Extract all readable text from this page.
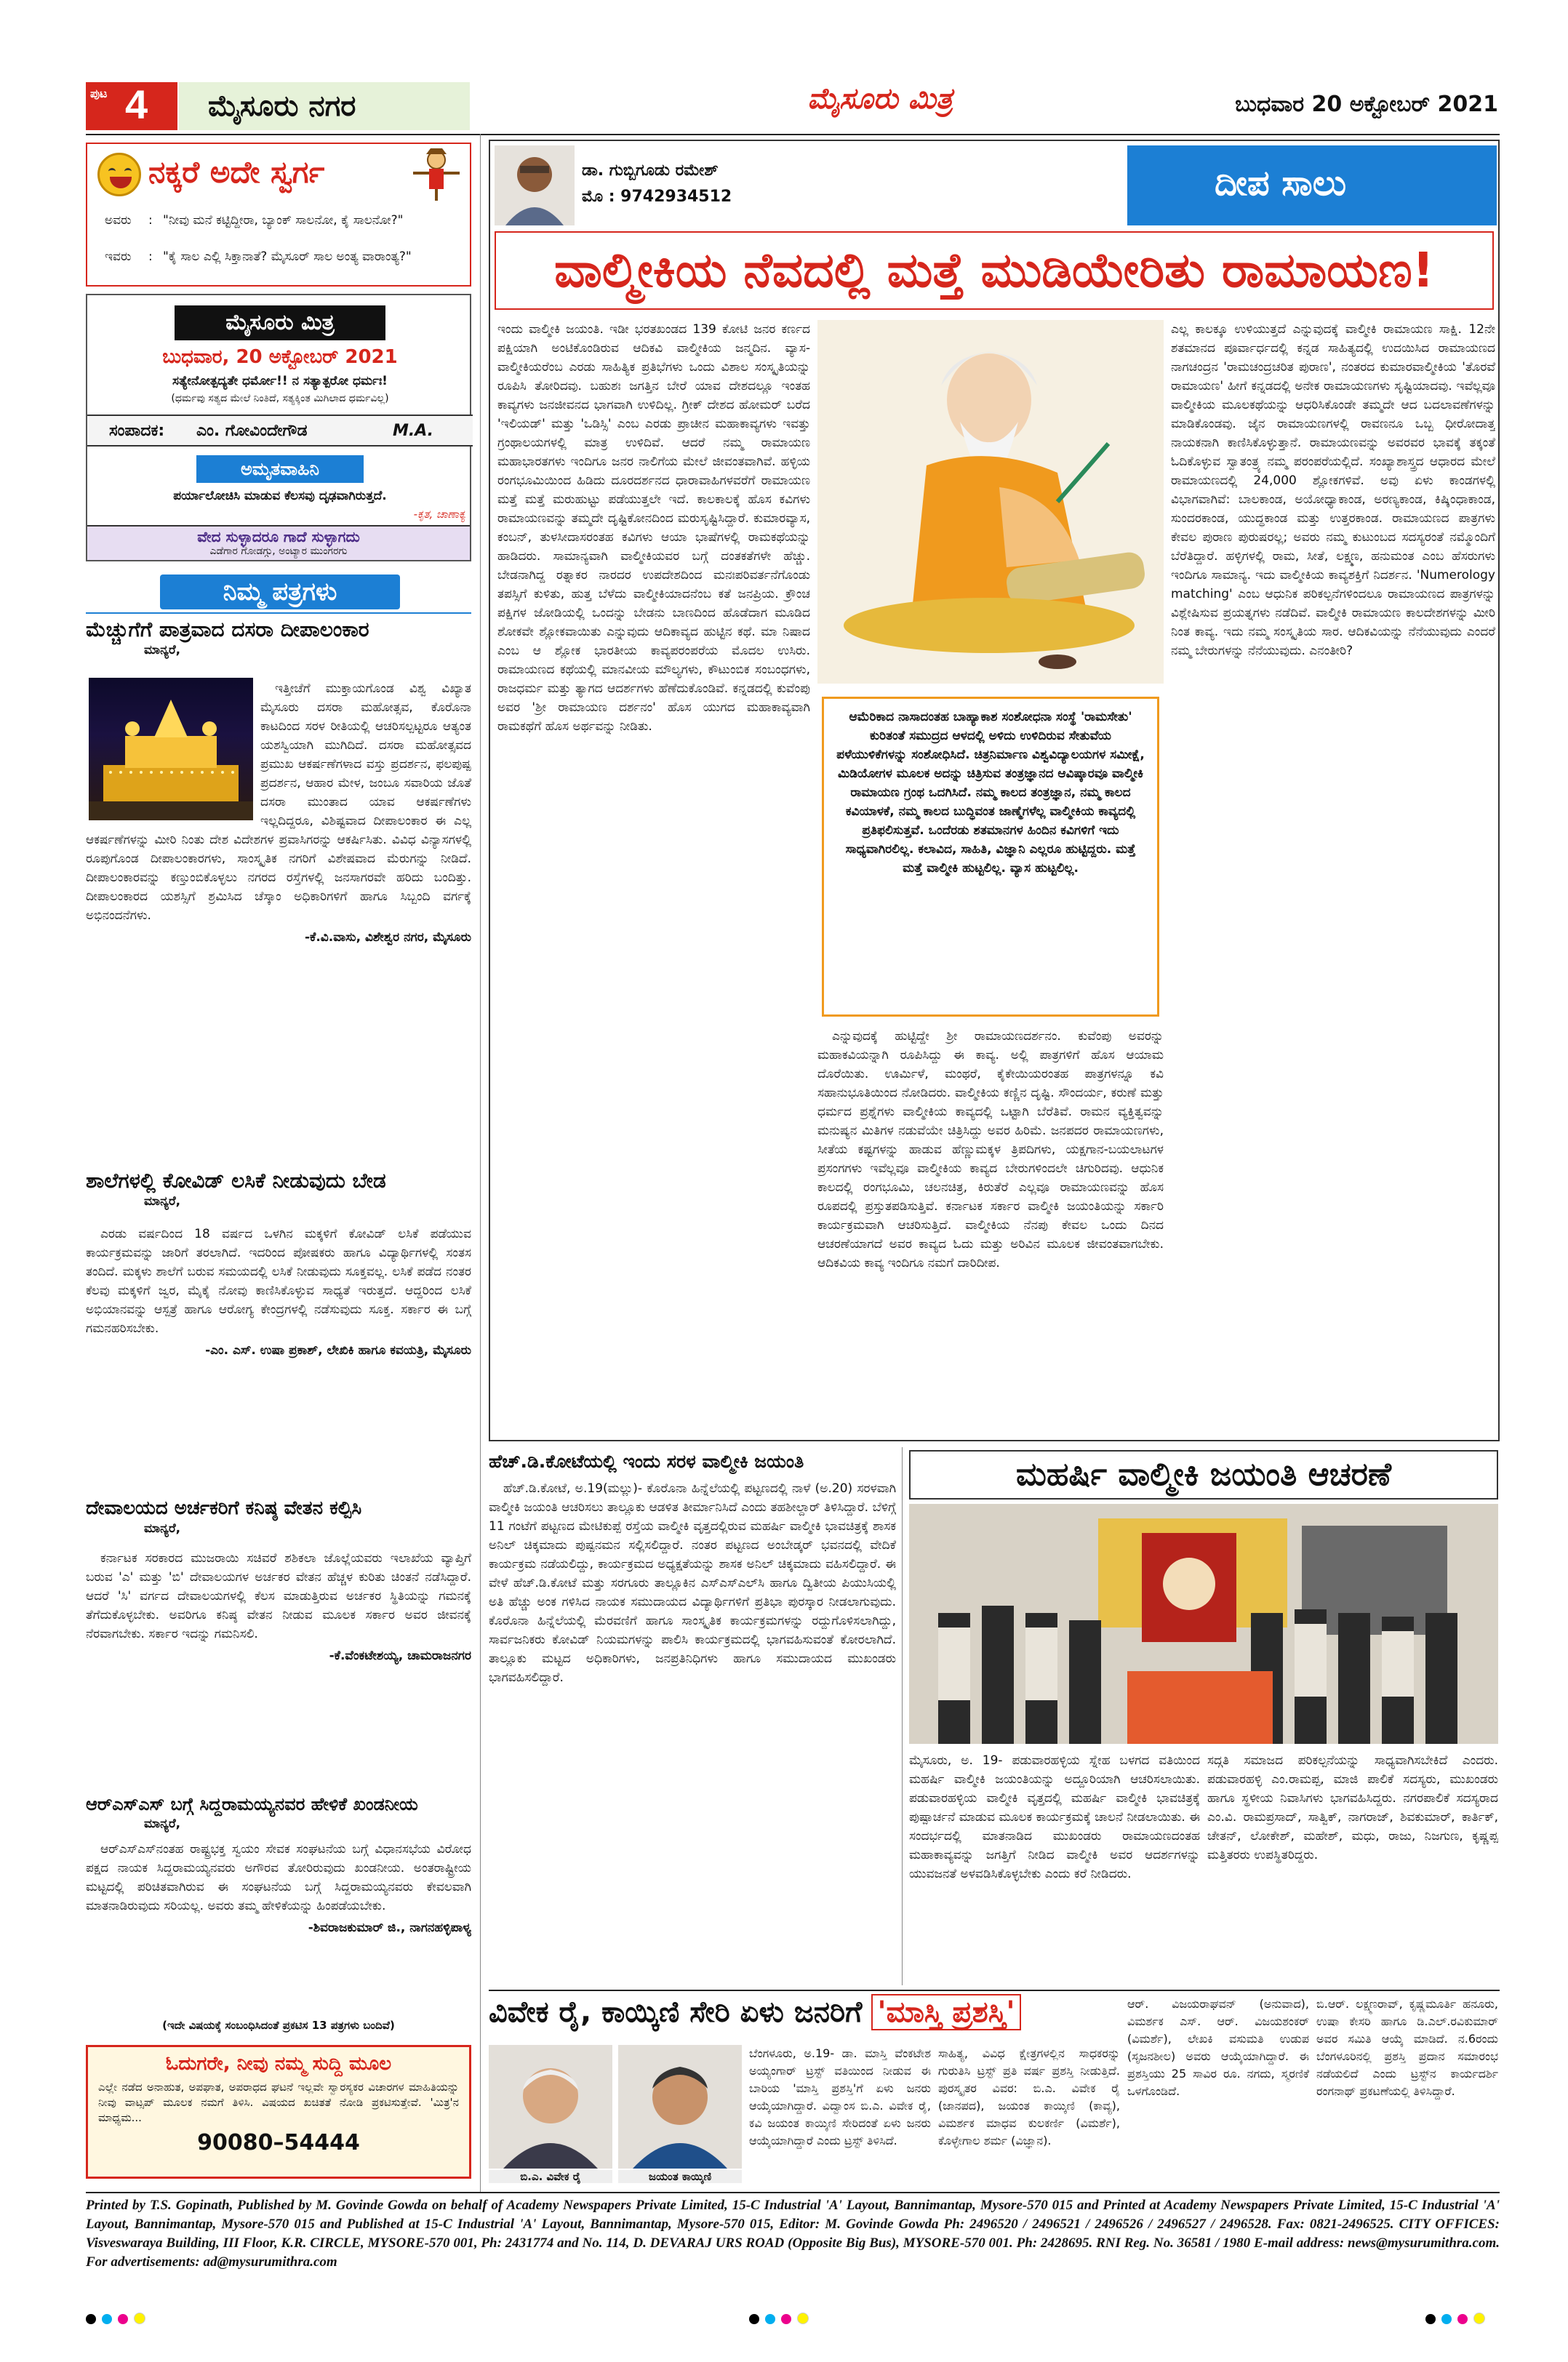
ಪುಟ 4 ಮೈಸೂರು ನಗರ	ಮೈಸೂರು ಮಿತ್ರ	ಬುಧವಾರ 20 ಅಕ್ಟೋಬರ್ 2021
ನಕ್ಕರೆ ಅದೇ ಸ್ವರ್ಗ
ಅವರು : "ನೀವು ಮನೆ ಕಟ್ಟಿದ್ದೀರಾ, ಬ್ಯಾಂಕ್ ಸಾಲನೋ, ಕೈ ಸಾಲನೋ?"
ಇವರು : "ಕೈ ಸಾಲ ಎಲ್ಲಿ ಸಿಕ್ತಾನಾತೆ? ಮೈಸೂರ್‌ ಸಾಲ ಅಂತ್ಯ ವಾರಾಂತ್ಯ?"
ಮೈಸೂರು ಮಿತ್ರ
ಬುಧವಾರ, 20 ಅಕ್ಟೋಬರ್ 2021
ಸತ್ಯೇನೋತ್ಪದ್ಯತೇ ಧರ್ಮೋ!! ನ ಸತ್ಯಾತ್ಪರೋ ಧರ್ಮಃ!
(ಧರ್ಮವು ಸತ್ಯದ ಮೇಲೆ ನಿಂತಿದೆ, ಸತ್ಯಕ್ಕಿಂತ ಮಿಗಿಲಾದ ಧರ್ಮವಿಲ್ಲ)
ಸಂಪಾದಕ: ಎಂ. ಗೋವಿಂದೇಗೌಡ	M.A.
ಅಮೃತವಾಹಿನಿ
ಪರ್ಯಾಲೋಚಿಸಿ ಮಾಡುವ ಕೆಲಸವು ದೃಢವಾಗಿರುತ್ತದೆ.
-ಕೃತ, ಚಾಣಾಕ್ಯ
ವೇದ ಸುಳ್ಳಾದರೂ ಗಾದೆ ಸುಳ್ಳಾಗದು
ಎಡೆಗಾರ ಗೋಡಗ್ಗು, ಅಂಟ್ಯಾರ ಮುಂಗರಗು
ನಿಮ್ಮ ಪತ್ರಗಳು
ಮೆಚ್ಚುಗೆಗೆ ಪಾತ್ರವಾದ ದಸರಾ ದೀಪಾಲಂಕಾರ
ಮಾನ್ಯರೆ,

ಇತ್ತೀಚೆಗೆ ಮುಕ್ತಾಯಗೊಂಡ ವಿಶ್ವ ವಿಖ್ಯಾತ ಮೈಸೂರು ದಸರಾ ಮಹೋತ್ಸವ, ಕೊರೊನಾ ಕಾಟದಿಂದ ಸರಳ ರೀತಿಯಲ್ಲಿ ಆಚರಿಸಲ್ಪಟ್ಟರೂ ಆತ್ಯಂತ ಯಶಸ್ವಿಯಾಗಿ ಮುಗಿದಿದೆ. ದಸರಾ ಮಹೋತ್ಸವದ ಪ್ರಮುಖ ಆಕರ್ಷಣೆಗಳಾದ ವಸ್ತು ಪ್ರದರ್ಶನ, ಫಲಪುಷ್ಪ ಪ್ರದರ್ಶನ, ಆಹಾರ ಮೇಳ, ಜಂಬೂ ಸವಾರಿಯ ಜೊತೆ ದಸರಾ ಮುಂತಾದ ಯಾವ ಆಕರ್ಷಣೆಗಳು ಇಲ್ಲದಿದ್ದರೂ, ವಿಶಿಷ್ಟವಾದ ದೀಪಾಲಂಕಾರ ಈ ಎಲ್ಲ ಆಕರ್ಷಣೆಗಳನ್ನು ಮೀರಿ ನಿಂತು ದೇಶ ವಿದೇಶಗಳ ಪ್ರವಾಸಿಗರನ್ನು ಆಕರ್ಷಿಸಿತು. ವಿವಿಧ ವಿನ್ಯಾಸಗಳಲ್ಲಿ ರೂಪುಗೊಂಡ ದೀಪಾಲಂಕಾರಗಳು, ಸಾಂಸ್ಕೃತಿಕ ನಗರಿಗೆ ವಿಶೇಷವಾದ ಮೆರುಗನ್ನು ನೀಡಿದೆ. ದೀಪಾಲಂಕಾರವನ್ನು ಕಣ್ತುಂಬಿಕೊಳ್ಳಲು ನಗರದ ರಸ್ತೆಗಳಲ್ಲಿ ಜನಸಾಗರವೇ ಹರಿದು ಬಂದಿತ್ತು. ದೀಪಾಲಂಕಾರದ ಯಶಸ್ಸಿಗೆ ಶ್ರಮಿಸಿದ ಚೆಸ್ಕಾಂ ಅಧಿಕಾರಿಗಳಿಗೆ ಹಾಗೂ ಸಿಬ್ಬಂದಿ ವರ್ಗಕ್ಕೆ ಅಭಿನಂದನೆಗಳು.

-ಕೆ.ವಿ.ವಾಸು, ವಿಶೇಶ್ವರ ನಗರ, ಮೈಸೂರು

ಶಾಲೆಗಳಲ್ಲಿ ಕೋವಿಡ್ ಲಸಿಕೆ ನೀಡುವುದು ಬೇಡ
ಮಾನ್ಯರೆ,

ಎರಡು ವರ್ಷದಿಂದ 18 ವರ್ಷದ ಒಳಗಿನ ಮಕ್ಕಳಿಗೆ ಕೋವಿಡ್ ಲಸಿಕೆ ಪಡೆಯುವ ಕಾರ್ಯಕ್ರಮವನ್ನು ಜಾರಿಗೆ ತರಲಾಗಿದೆ. ಇದರಿಂದ ಪೋಷಕರು ಹಾಗೂ ವಿದ್ಯಾರ್ಥಿಗಳಲ್ಲಿ ಸಂತಸ ತಂದಿದೆ. ಮಕ್ಕಳು ಶಾಲೆಗೆ ಬರುವ ಸಮಯದಲ್ಲಿ ಲಸಿಕೆ ನೀಡುವುದು ಸೂಕ್ತವಲ್ಲ. ಲಸಿಕೆ ಪಡೆದ ನಂತರ ಕೆಲವು ಮಕ್ಕಳಿಗೆ ಜ್ವರ, ಮೈಕೈ ನೋವು ಕಾಣಿಸಿಕೊಳ್ಳುವ ಸಾಧ್ಯತೆ ಇರುತ್ತದೆ. ಆದ್ದರಿಂದ ಲಸಿಕೆ ಅಭಿಯಾನವನ್ನು ಆಸ್ಪತ್ರೆ ಹಾಗೂ ಆರೋಗ್ಯ ಕೇಂದ್ರಗಳಲ್ಲಿ ನಡೆಸುವುದು ಸೂಕ್ತ. ಸರ್ಕಾರ ಈ ಬಗ್ಗೆ ಗಮನಹರಿಸಬೇಕು.

-ಎಂ. ಎಸ್. ಉಷಾ ಪ್ರಕಾಶ್, ಲೇಖಿಕಿ ಹಾಗೂ ಕವಯತ್ರಿ, ಮೈಸೂರು

ದೇವಾಲಯದ ಅರ್ಚಕರಿಗೆ ಕನಿಷ್ಠ ವೇತನ ಕಲ್ಪಿಸಿ
ಮಾನ್ಯರೆ,

ಕರ್ನಾಟಕ ಸರಕಾರದ ಮುಜರಾಯಿ ಸಚಿವರೆ ಶಶಿಕಲಾ ಜೊಲ್ಲೆಯವರು ಇಲಾಖೆಯ ವ್ಯಾಪ್ತಿಗೆ ಬರುವ 'ಎ' ಮತ್ತು 'ಬಿ' ದೇವಾಲಯಗಳ ಅರ್ಚಕರ ವೇತನ ಹೆಚ್ಚಳ ಕುರಿತು ಚಿಂತನೆ ನಡೆಸಿದ್ದಾರೆ. ಆದರೆ 'ಸಿ' ವರ್ಗದ ದೇವಾಲಯಗಳಲ್ಲಿ ಕೆಲಸ ಮಾಡುತ್ತಿರುವ ಅರ್ಚಕರ ಸ್ಥಿತಿಯನ್ನು ಗಮನಕ್ಕೆ ತೆಗೆದುಕೊಳ್ಳಬೇಕು. ಅವರಿಗೂ ಕನಿಷ್ಠ ವೇತನ ನೀಡುವ ಮೂಲಕ ಸರ್ಕಾರ ಅವರ ಜೀವನಕ್ಕೆ ನೆರವಾಗಬೇಕು. ಸರ್ಕಾರ ಇದನ್ನು ಗಮನಿಸಲಿ.

-ಕೆ.ವೆಂಕಟೇಶಯ್ಯ, ಚಾಮರಾಜನಗರ

ಆರ್‌ಎಸ್‌ಎಸ್ ಬಗ್ಗೆ ಸಿದ್ದರಾಮಯ್ಯನವರ ಹೇಳಿಕೆ ಖಂಡನೀಯ
ಮಾನ್ಯರೆ,

ಆರ್‌ಎಸ್‌ಎಸ್‌ನಂತಹ ರಾಷ್ಟ್ರಭಕ್ತ ಸ್ವಯಂ ಸೇವಕ ಸಂಘಟನೆಯ ಬಗ್ಗೆ ವಿಧಾನಸಭೆಯ ವಿರೋಧ ಪಕ್ಷದ ನಾಯಕ ಸಿದ್ದರಾಮಯ್ಯನವರು ಅಗೌರವ ತೋರಿರುವುದು ಖಂಡನೀಯ. ಅಂತರಾಷ್ಟ್ರೀಯ ಮಟ್ಟದಲ್ಲಿ ಪರಿಚಿತವಾಗಿರುವ ಈ ಸಂಘಟನೆಯ ಬಗ್ಗೆ ಸಿದ್ದರಾಮಯ್ಯನವರು ಕೇವಲವಾಗಿ ಮಾತನಾಡಿರುವುದು ಸರಿಯಲ್ಲ. ಅವರು ತಮ್ಮ ಹೇಳಿಕೆಯನ್ನು ಹಿಂಪಡೆಯಬೇಕು.

-ಶಿವರಾಜಕುಮಾರ್ ಜಿ., ನಾಗನಹಳ್ಳಿಪಾಳ್ಯ

(ಇದೇ ವಿಷಯಕ್ಕೆ ಸಂಬಂಧಿಸಿದಂತೆ ಪ್ರಕಟಿಸ 13 ಪತ್ರಗಳು ಬಂದಿವೆ)
ಓದುಗರೇ, ನೀವು ನಮ್ಮ ಸುದ್ದಿ ಮೂಲ
ಎಲ್ಲೇ ನಡೆದ ಅನಾಹುತ, ಅಪಘಾತ, ಅಪರಾಧದ ಘಟನೆ ಇಲ್ಲವೇ ಸ್ವಾರಸ್ಯಕರ ವಿಚಾರಗಳ ಮಾಹಿತಿಯನ್ನು ನೀವು ವಾಟ್ಸಪ್ ಮೂಲಕ ನಮಗೆ ತಿಳಿಸಿ. ವಿಷಯದ ಖಚಿತತೆ ನೋಡಿ ಪ್ರಕಟಿಸುತ್ತೇವೆ. 'ಮಿತ್ರ'ನ ಮಾಧ್ಯಮ...
90080–54444
ಡಾ. ಗುಬ್ಬಿಗೂಡು ರಮೇಶ್
ಮೊ : 9742934512	ದೀಪ ಸಾಲು
ವಾಲ್ಮೀಕಿಯ ನೆವದಲ್ಲಿ ಮತ್ತೆ ಮುಡಿಯೇರಿತು ರಾಮಾಯಣ!

ಇಂದು ವಾಲ್ಮೀಕಿ ಜಯಂತಿ. ಇಡೀ ಭರತಖಂಡದ 139 ಕೋಟಿ ಜನರ ಕರ್ಣದ ಪಕ್ಷಿಯಾಗಿ ಅಂಟಿಕೊಂಡಿರುವ ಆದಿಕವಿ ವಾಲ್ಮೀಕಿಯ ಜನ್ಮದಿನ. ವ್ಯಾಸ-ವಾಲ್ಮೀಕಿಯರೆಂಬ ಎರಡು ಸಾಹಿತ್ಯಿಕ ಪ್ರತಿಭೆಗಳು ಒಂದು ವಿಶಾಲ ಸಂಸ್ಕೃತಿಯನ್ನು ರೂಪಿಸಿ ತೋರಿದವು. ಬಹುಶಃ ಜಗತ್ತಿನ ಬೇರೆ ಯಾವ ದೇಶದಲ್ಲೂ ಇಂತಹ ಕಾವ್ಯಗಳು ಜನಜೀವನದ ಭಾಗವಾಗಿ ಉಳಿದಿಲ್ಲ. ಗ್ರೀಕ್ ದೇಶದ ಹೋಮರ್ ಬರೆದ 'ಇಲಿಯಡ್' ಮತ್ತು 'ಒಡಿಸ್ಸಿ' ಎಂಬ ಎರಡು ಪ್ರಾಚೀನ ಮಹಾಕಾವ್ಯಗಳು ಇವತ್ತು ಗ್ರಂಥಾಲಯಗಳಲ್ಲಿ ಮಾತ್ರ ಉಳಿದಿವೆ. ಆದರೆ ನಮ್ಮ ರಾಮಾಯಣ ಮಹಾಭಾರತಗಳು ಇಂದಿಗೂ ಜನರ ನಾಲಿಗೆಯ ಮೇಲೆ ಜೀವಂತವಾಗಿವೆ. ಹಳ್ಳಿಯ ರಂಗಭೂಮಿಯಿಂದ ಹಿಡಿದು ದೂರದರ್ಶನದ ಧಾರಾವಾಹಿಗಳವರೆಗೆ ರಾಮಾಯಣ ಮತ್ತೆ ಮತ್ತೆ ಮರುಹುಟ್ಟು ಪಡೆಯುತ್ತಲೇ ಇದೆ. ಕಾಲಕಾಲಕ್ಕೆ ಹೊಸ ಕವಿಗಳು ರಾಮಾಯಣವನ್ನು ತಮ್ಮದೇ ದೃಷ್ಟಿಕೋನದಿಂದ ಮರುಸೃಷ್ಟಿಸಿದ್ದಾರೆ. ಕುಮಾರವ್ಯಾಸ, ಕಂಬನ್, ತುಳಸೀದಾಸರಂತಹ ಕವಿಗಳು ಆಯಾ ಭಾಷೆಗಳಲ್ಲಿ ರಾಮಕಥೆಯನ್ನು ಹಾಡಿದರು. ಸಾಮಾನ್ಯವಾಗಿ ವಾಲ್ಮೀಕಿಯವರ ಬಗ್ಗೆ ದಂತಕತೆಗಳೇ ಹೆಚ್ಚು. ಬೇಡನಾಗಿದ್ದ ರತ್ನಾಕರ ನಾರದರ ಉಪದೇಶದಿಂದ ಮನಃಪರಿವರ್ತನೆಗೊಂಡು ತಪಸ್ಸಿಗೆ ಕುಳಿತು, ಹುತ್ತ ಬೆಳೆದು ವಾಲ್ಮೀಕಿಯಾದನೆಂಬ ಕತೆ ಜನಪ್ರಿಯ. ಕ್ರೌಂಚ ಪಕ್ಷಿಗಳ ಜೋಡಿಯಲ್ಲಿ ಒಂದನ್ನು ಬೇಡನು ಬಾಣದಿಂದ ಹೊಡೆದಾಗ ಮೂಡಿದ ಶೋಕವೇ ಶ್ಲೋಕವಾಯಿತು ಎನ್ನುವುದು ಆದಿಕಾವ್ಯದ ಹುಟ್ಟಿನ ಕಥೆ. ಮಾ ನಿಷಾದ ಎಂಬ ಆ ಶ್ಲೋಕ ಭಾರತೀಯ ಕಾವ್ಯಪರಂಪರೆಯ ಮೊದಲ ಉಸಿರು. ರಾಮಾಯಣದ ಕಥೆಯಲ್ಲಿ ಮಾನವೀಯ ಮೌಲ್ಯಗಳು, ಕೌಟುಂಬಿಕ ಸಂಬಂಧಗಳು, ರಾಜಧರ್ಮ ಮತ್ತು ತ್ಯಾಗದ ಆದರ್ಶಗಳು ಹೆಣೆದುಕೊಂಡಿವೆ. ಕನ್ನಡದಲ್ಲಿ ಕುವೆಂಪು ಅವರ 'ಶ್ರೀ ರಾಮಾಯಣ ದರ್ಶನಂ' ಹೊಸ ಯುಗದ ಮಹಾಕಾವ್ಯವಾಗಿ ರಾಮಕಥೆಗೆ ಹೊಸ ಅರ್ಥವನ್ನು ನೀಡಿತು.

ಆಮೆರಿಕಾದ ನಾಸಾದಂತಹ ಬಾಹ್ಯಾಕಾಶ ಸಂಶೋಧನಾ ಸಂಸ್ಥೆ 'ರಾಮಸೇತು' ಕುರಿತಂತೆ ಸಮುದ್ರದ ಆಳದಲ್ಲಿ ಅಳಿದು ಉಳಿದಿರುವ ಸೇತುವೆಯ ಪಳೆಯುಳಿಕೆಗಳನ್ನು ಸಂಶೋಧಿಸಿದೆ. ಚಿತ್ರನಿರ್ಮಾಣ ವಿಶ್ವವಿದ್ಯಾಲಯಗಳ ಸಮೀಕ್ಷೆ, ಮಿಡಿಯೋಗಳ ಮೂಲಕ ಅದನ್ನು ಚಿತ್ರಿಸುವ ತಂತ್ರಜ್ಞಾನದ ಆವಿಷ್ಕಾರವೂ ವಾಲ್ಮೀಕಿ ರಾಮಾಯಣ ಗ್ರಂಥ ಒದಗಿಸಿದೆ. ನಮ್ಮ ಕಾಲದ ತಂತ್ರಜ್ಞಾನ, ನಮ್ಮ ಕಾಲದ ಕವಿಯಾಳಕೆ, ನಮ್ಮ ಕಾಲದ ಬುದ್ಧಿವಂತ ಜಾಣ್ಮೆಗಳೆಲ್ಲ ವಾಲ್ಮೀಕಿಯ ಕಾವ್ಯದಲ್ಲಿ ಪ್ರತಿಫಲಿಸುತ್ತವೆ. ಒಂದೆರಡು ಶತಮಾನಗಳ ಹಿಂದಿನ ಕವಿಗಳಿಗೆ ಇದು ಸಾಧ್ಯವಾಗಿರಲಿಲ್ಲ. ಕಲಾವಿದ, ಸಾಹಿತಿ, ವಿಜ್ಞಾನಿ ಎಲ್ಲರೂ ಹುಟ್ಟಿದ್ದರು. ಮತ್ತೆ ಮತ್ತೆ ವಾಲ್ಮೀಕಿ ಹುಟ್ಟಲಿಲ್ಲ. ವ್ಯಾಸ ಹುಟ್ಟಲಿಲ್ಲ.

ಎನ್ನುವುದಕ್ಕೆ ಹುಟ್ಟಿದ್ದೇ ಶ್ರೀ ರಾಮಾಯಣದರ್ಶನಂ. ಕುವೆಂಪು ಅವರನ್ನು ಮಹಾಕವಿಯನ್ನಾಗಿ ರೂಪಿಸಿದ್ದು ಈ ಕಾವ್ಯ. ಅಲ್ಲಿ ಪಾತ್ರಗಳಿಗೆ ಹೊಸ ಆಯಾಮ ದೊರೆಯಿತು. ಊರ್ಮಿಳೆ, ಮಂಥರೆ, ಕೈಕೇಯಿಯರಂತಹ ಪಾತ್ರಗಳನ್ನೂ ಕವಿ ಸಹಾನುಭೂತಿಯಿಂದ ನೋಡಿದರು. ವಾಲ್ಮೀಕಿಯ ಕಣ್ಣಿನ ದೃಷ್ಟಿ. ಸೌಂದರ್ಯ, ಕರುಣೆ ಮತ್ತು ಧರ್ಮದ ಪ್ರಶ್ನೆಗಳು ವಾಲ್ಮೀಕಿಯ ಕಾವ್ಯದಲ್ಲಿ ಒಟ್ಟಾಗಿ ಬೆರೆತಿವೆ. ರಾಮನ ವ್ಯಕ್ತಿತ್ವವನ್ನು ಮನುಷ್ಯನ ಮಿತಿಗಳ ನಡುವೆಯೇ ಚಿತ್ರಿಸಿದ್ದು ಅವರ ಹಿರಿಮೆ. ಜನಪದರ ರಾಮಾಯಣಗಳು, ಸೀತೆಯ ಕಷ್ಟಗಳನ್ನು ಹಾಡುವ ಹೆಣ್ಣುಮಕ್ಕಳ ತ್ರಿಪದಿಗಳು, ಯಕ್ಷಗಾನ-ಬಯಲಾಟಗಳ ಪ್ರಸಂಗಗಳು ಇವೆಲ್ಲವೂ ವಾಲ್ಮೀಕಿಯ ಕಾವ್ಯದ ಬೇರುಗಳಿಂದಲೇ ಚಿಗುರಿದವು. ಆಧುನಿಕ ಕಾಲದಲ್ಲಿ ರಂಗಭೂಮಿ, ಚಲನಚಿತ್ರ, ಕಿರುತೆರೆ ಎಲ್ಲವೂ ರಾಮಾಯಣವನ್ನು ಹೊಸ ರೂಪದಲ್ಲಿ ಪ್ರಸ್ತುತಪಡಿಸುತ್ತಿವೆ. ಕರ್ನಾಟಕ ಸರ್ಕಾರ ವಾಲ್ಮೀಕಿ ಜಯಂತಿಯನ್ನು ಸರ್ಕಾರಿ ಕಾರ್ಯಕ್ರಮವಾಗಿ ಆಚರಿಸುತ್ತಿದೆ. ವಾಲ್ಮೀಕಿಯ ನೆನಪು ಕೇವಲ ಒಂದು ದಿನದ ಆಚರಣೆಯಾಗದೆ ಅವರ ಕಾವ್ಯದ ಓದು ಮತ್ತು ಅರಿವಿನ ಮೂಲಕ ಜೀವಂತವಾಗಬೇಕು. ಆದಿಕವಿಯ ಕಾವ್ಯ ಇಂದಿಗೂ ನಮಗೆ ದಾರಿದೀಪ.

ಎಲ್ಲ ಕಾಲಕ್ಕೂ ಉಳಿಯುತ್ತದೆ ಎನ್ನುವುದಕ್ಕೆ ವಾಲ್ಮೀಕಿ ರಾಮಾಯಣ ಸಾಕ್ಷಿ. 12ನೇ ಶತಮಾನದ ಪೂರ್ವಾರ್ಧದಲ್ಲಿ ಕನ್ನಡ ಸಾಹಿತ್ಯದಲ್ಲಿ ಉದಯಿಸಿದ ರಾಮಾಯಣದ ನಾಗಚಂದ್ರನ 'ರಾಮಚಂದ್ರಚರಿತ ಪುರಾಣ', ನಂತರದ ಕುಮಾರವಾಲ್ಮೀಕಿಯ 'ತೊರವೆ ರಾಮಾಯಣ' ಹೀಗೆ ಕನ್ನಡದಲ್ಲಿ ಅನೇಕ ರಾಮಾಯಣಗಳು ಸೃಷ್ಟಿಯಾದವು. ಇವೆಲ್ಲವೂ ವಾಲ್ಮೀಕಿಯ ಮೂಲಕಥೆಯನ್ನು ಆಧರಿಸಿಕೊಂಡೇ ತಮ್ಮದೇ ಆದ ಬದಲಾವಣೆಗಳನ್ನು ಮಾಡಿಕೊಂಡವು. ಜೈನ ರಾಮಾಯಣಗಳಲ್ಲಿ ರಾವಣನೂ ಒಬ್ಬ ಧೀರೋದಾತ್ತ ನಾಯಕನಾಗಿ ಕಾಣಿಸಿಕೊಳ್ಳುತ್ತಾನೆ. ರಾಮಾಯಣವನ್ನು ಅವರವರ ಭಾವಕ್ಕೆ ತಕ್ಕಂತೆ ಓದಿಕೊಳ್ಳುವ ಸ್ವಾತಂತ್ರ್ಯ ನಮ್ಮ ಪರಂಪರೆಯಲ್ಲಿದೆ. ಸಂಖ್ಯಾಶಾಸ್ತ್ರದ ಆಧಾರದ ಮೇಲೆ ರಾಮಾಯಣದಲ್ಲಿ 24,000 ಶ್ಲೋಕಗಳಿವೆ. ಅವು ಏಳು ಕಾಂಡಗಳಲ್ಲಿ ವಿಭಾಗವಾಗಿವೆ: ಬಾಲಕಾಂಡ, ಅಯೋಧ್ಯಾಕಾಂಡ, ಅರಣ್ಯಕಾಂಡ, ಕಿಷ್ಕಿಂಧಾಕಾಂಡ, ಸುಂದರಕಾಂಡ, ಯುದ್ಧಕಾಂಡ ಮತ್ತು ಉತ್ತರಕಾಂಡ. ರಾಮಾಯಣದ ಪಾತ್ರಗಳು ಕೇವಲ ಪುರಾಣ ಪುರುಷರಲ್ಲ; ಅವರು ನಮ್ಮ ಕುಟುಂಬದ ಸದಸ್ಯರಂತೆ ನಮ್ಮೊಂದಿಗೆ ಬೆರೆತಿದ್ದಾರೆ. ಹಳ್ಳಿಗಳಲ್ಲಿ ರಾಮ, ಸೀತೆ, ಲಕ್ಷ್ಮಣ, ಹನುಮಂತ ಎಂಬ ಹೆಸರುಗಳು ಇಂದಿಗೂ ಸಾಮಾನ್ಯ. ಇದು ವಾಲ್ಮೀಕಿಯ ಕಾವ್ಯಶಕ್ತಿಗೆ ನಿದರ್ಶನ. 'Numerology matching' ಎಂಬ ಆಧುನಿಕ ಪರಿಕಲ್ಪನೆಗಳಿಂದಲೂ ರಾಮಾಯಣದ ಪಾತ್ರಗಳನ್ನು ವಿಶ್ಲೇಷಿಸುವ ಪ್ರಯತ್ನಗಳು ನಡೆದಿವೆ. ವಾಲ್ಮೀಕಿ ರಾಮಾಯಣ ಕಾಲದೇಶಗಳನ್ನು ಮೀರಿ ನಿಂತ ಕಾವ್ಯ. ಇದು ನಮ್ಮ ಸಂಸ್ಕೃತಿಯ ಸಾರ. ಆದಿಕವಿಯನ್ನು ನೆನೆಯುವುದು ಎಂದರೆ ನಮ್ಮ ಬೇರುಗಳನ್ನು ನೆನೆಯುವುದು. ಎನಂತೀರಿ?

ಹೆಚ್.ಡಿ.ಕೋಟೆಯಲ್ಲಿ ಇಂದು ಸರಳ ವಾಲ್ಮೀಕಿ ಜಯಂತಿ

ಹೆಚ್.ಡಿ.ಕೋಟೆ, ಅ.19(ಮಲ್ಲು)- ಕೊರೊನಾ ಹಿನ್ನೆಲೆಯಲ್ಲಿ ಪಟ್ಟಣದಲ್ಲಿ ನಾಳೆ (ಅ.20) ಸರಳವಾಗಿ ವಾಲ್ಮೀಕಿ ಜಯಂತಿ ಆಚರಿಸಲು ತಾಲ್ಲೂಕು ಆಡಳಿತ ತೀರ್ಮಾನಿಸಿದೆ ಎಂದು ತಹಶೀಲ್ದಾರ್ ತಿಳಿಸಿದ್ದಾರೆ. ಬೆಳಿಗ್ಗೆ 11 ಗಂಟೆಗೆ ಪಟ್ಟಣದ ಮೇಟಿಕುಪ್ಪೆ ರಸ್ತೆಯ ವಾಲ್ಮೀಕಿ ವೃತ್ತದಲ್ಲಿರುವ ಮಹರ್ಷಿ ವಾಲ್ಮೀಕಿ ಭಾವಚಿತ್ರಕ್ಕೆ ಶಾಸಕ ಅನಿಲ್ ಚಿಕ್ಕಮಾದು ಪುಷ್ಪನಮನ ಸಲ್ಲಿಸಲಿದ್ದಾರೆ. ನಂತರ ಪಟ್ಟಣದ ಅಂಬೇಡ್ಕರ್ ಭವನದಲ್ಲಿ ವೇದಿಕೆ ಕಾರ್ಯಕ್ರಮ ನಡೆಯಲಿದ್ದು, ಕಾರ್ಯಕ್ರಮದ ಅಧ್ಯಕ್ಷತೆಯನ್ನು ಶಾಸಕ ಅನಿಲ್ ಚಿಕ್ಕಮಾದು ವಹಿಸಲಿದ್ದಾರೆ. ಈ ವೇಳೆ ಹೆಚ್.ಡಿ.ಕೋಟೆ ಮತ್ತು ಸರಗೂರು ತಾಲ್ಲೂಕಿನ ಎಸ್‌ಎಸ್‌ಎಲ್‌ಸಿ ಹಾಗೂ ದ್ವಿತೀಯ ಪಿಯುಸಿಯಲ್ಲಿ ಅತಿ ಹೆಚ್ಚು ಅಂಕ ಗಳಿಸಿದ ನಾಯಕ ಸಮುದಾಯದ ವಿದ್ಯಾರ್ಥಿಗಳಿಗೆ ಪ್ರತಿಭಾ ಪುರಸ್ಕಾರ ನೀಡಲಾಗುವುದು. ಕೊರೊನಾ ಹಿನ್ನೆಲೆಯಲ್ಲಿ ಮೆರವಣಿಗೆ ಹಾಗೂ ಸಾಂಸ್ಕೃತಿಕ ಕಾರ್ಯಕ್ರಮಗಳನ್ನು ರದ್ದುಗೊಳಿಸಲಾಗಿದ್ದು, ಸಾರ್ವಜನಿಕರು ಕೋವಿಡ್ ನಿಯಮಗಳನ್ನು ಪಾಲಿಸಿ ಕಾರ್ಯಕ್ರಮದಲ್ಲಿ ಭಾಗವಹಿಸುವಂತೆ ಕೋರಲಾಗಿದೆ. ತಾಲ್ಲೂಕು ಮಟ್ಟದ ಅಧಿಕಾರಿಗಳು, ಜನಪ್ರತಿನಿಧಿಗಳು ಹಾಗೂ ಸಮುದಾಯದ ಮುಖಂಡರು ಭಾಗವಹಿಸಲಿದ್ದಾರೆ.

ಮಹರ್ಷಿ ವಾಲ್ಮೀಕಿ ಜಯಂತಿ ಆಚರಣೆ

ಮೈಸೂರು, ಅ. 19- ಪಡುವಾರಹಳ್ಳಿಯ ಸ್ನೇಹ ಬಳಗದ ವತಿಯಿಂದ ಮಹರ್ಷಿ ವಾಲ್ಮೀಕಿ ಜಯಂತಿಯನ್ನು ಅದ್ದೂರಿಯಾಗಿ ಆಚರಿಸಲಾಯಿತು. ಪಡುವಾರಹಳ್ಳಿಯ ವಾಲ್ಮೀಕಿ ವೃತ್ತದಲ್ಲಿ ಮಹರ್ಷಿ ವಾಲ್ಮೀಕಿ ಭಾವಚಿತ್ರಕ್ಕೆ ಪುಷ್ಪಾರ್ಚನೆ ಮಾಡುವ ಮೂಲಕ ಕಾರ್ಯಕ್ರಮಕ್ಕೆ ಚಾಲನೆ ನೀಡಲಾಯಿತು. ಈ ಸಂದರ್ಭದಲ್ಲಿ ಮಾತನಾಡಿದ ಮುಖಂಡರು ರಾಮಾಯಣದಂತಹ ಮಹಾಕಾವ್ಯವನ್ನು ಜಗತ್ತಿಗೆ ನೀಡಿದ ವಾಲ್ಮೀಕಿ ಅವರ ಆದರ್ಶಗಳನ್ನು ಯುವಜನತೆ ಅಳವಡಿಸಿಕೊಳ್ಳಬೇಕು ಎಂದು ಕರೆ ನೀಡಿದರು.

ಸದ್ಗತಿ ಸಮಾಜದ ಪರಿಕಲ್ಪನೆಯನ್ನು ಸಾಧ್ಯವಾಗಿಸಬೇಕಿದೆ ಎಂದರು. ಪಡುವಾರಹಳ್ಳಿ ಎಂ.ರಾಮಪ್ಪ, ಮಾಜಿ ಪಾಲಿಕೆ ಸದಸ್ಯರು, ಮುಖಂಡರು ಹಾಗೂ ಸ್ಥಳೀಯ ನಿವಾಸಿಗಳು ಭಾಗವಹಿಸಿದ್ದರು. ನಗರಪಾಲಿಕೆ ಸದಸ್ಯರಾದ ಎಂ.ವಿ. ರಾಮಪ್ರಸಾದ್, ಸಾತ್ವಿಕ್, ನಾಗರಾಜ್, ಶಿವಕುಮಾರ್, ಕಾರ್ತಿಕ್, ಚೇತನ್, ಲೋಕೇಶ್, ಮಹೇಶ್, ಮಧು, ರಾಜು, ನಿಜಗುಣ, ಕೃಷ್ಣಪ್ಪ ಮತ್ತಿತರರು ಉಪಸ್ಥಿತರಿದ್ದರು.

ವಿವೇಕ ರೈ, ಕಾಯ್ಕಿಣಿ ಸೇರಿ ಏಳು ಜನರಿಗೆ 'ಮಾಸ್ತಿ ಪ್ರಶಸ್ತಿ'
ಬಿ.ಎ. ವಿವೇಕ ರೈ	ಜಯಂತ ಕಾಯ್ಕಿಣಿ

ಬೆಂಗಳೂರು, ಅ.19- ಡಾ. ಮಾಸ್ತಿ ವೆಂಕಟೇಶ ಅಯ್ಯಂಗಾರ್ ಟ್ರಸ್ಟ್ ವತಿಯಿಂದ ನೀಡುವ ಈ ಬಾರಿಯ 'ಮಾಸ್ತಿ ಪ್ರಶಸ್ತಿ'ಗೆ ಏಳು ಜನರು ಆಯ್ಕೆಯಾಗಿದ್ದಾರೆ. ವಿದ್ವಾಂಸ ಬಿ.ಎ. ವಿವೇಕ ರೈ, ಕವಿ ಜಯಂತ ಕಾಯ್ಕಿಣಿ ಸೇರಿದಂತೆ ಏಳು ಜನರು ಆಯ್ಕೆಯಾಗಿದ್ದಾರೆ ಎಂದು ಟ್ರಸ್ಟ್ ತಿಳಿಸಿದೆ.

ಸಾಹಿತ್ಯ, ವಿವಿಧ ಕ್ಷೇತ್ರಗಳಲ್ಲಿನ ಸಾಧಕರನ್ನು ಗುರುತಿಸಿ ಟ್ರಸ್ಟ್ ಪ್ರತಿ ವರ್ಷ ಪ್ರಶಸ್ತಿ ನೀಡುತ್ತಿದೆ. ಪುರಸ್ಕೃತರ ವಿವರ: ಬಿ.ಎ. ವಿವೇಕ ರೈ (ಜಾನಪದ), ಜಯಂತ ಕಾಯ್ಕಿಣಿ (ಕಾವ್ಯ), ವಿಮರ್ಶಕ ಮಾಧವ ಕುಲಕರ್ಣಿ (ವಿಮರ್ಶೆ), ಕೊಳ್ಳೇಗಾಲ ಶರ್ಮ (ವಿಜ್ಞಾನ).

ಆರ್. ವಿಜಯರಾಘವನ್ (ಅನುವಾದ), ವಿಮರ್ಶಕ ಎಸ್. ಆರ್. ವಿಜಯಶಂಕರ್ (ವಿಮರ್ಶೆ), ಲೇಖಕಿ ವಸುಮತಿ ಉಡುಪ (ಸೃಜನಶೀಲ) ಅವರು ಆಯ್ಕೆಯಾಗಿದ್ದಾರೆ. ಈ ಪ್ರಶಸ್ತಿಯು 25 ಸಾವಿರ ರೂ. ನಗದು, ಸ್ಮರಣಿಕೆ ಒಳಗೊಂಡಿದೆ.

ಬಿ.ಆರ್. ಲಕ್ಷ್ಮಣರಾವ್, ಕೃಷ್ಣಮೂರ್ತಿ ಹನೂರು, ಉಷಾ ಕೇಸರಿ ಹಾಗೂ ಡಿ.ಎಲ್.ರವಿಕುಮಾರ್ ಅವರ ಸಮಿತಿ ಆಯ್ಕೆ ಮಾಡಿದೆ. ನ.6ರಂದು ಬೆಂಗಳೂರಿನಲ್ಲಿ ಪ್ರಶಸ್ತಿ ಪ್ರದಾನ ಸಮಾರಂಭ ನಡೆಯಲಿದೆ ಎಂದು ಟ್ರಸ್ಟ್‌ನ ಕಾರ್ಯದರ್ಶಿ ರಂಗನಾಥ್ ಪ್ರಕಟಣೆಯಲ್ಲಿ ತಿಳಿಸಿದ್ದಾರೆ.

Printed by T.S. Gopinath, Published by M. Govinde Gowda on behalf of Academy Newspapers Private Limited, 15-C Industrial 'A' Layout, Bannimantap, Mysore-570 015 and Printed at Academy Newspapers Private Limited, 15-C Industrial 'A' Layout, Bannimantap, Mysore-570 015 and Published at 15-C Industrial 'A' Layout, Bannimantap, Mysore-570 015, Editor: M. Govinde Gowda Ph: 2496520 / 2496521 / 2496526 / 2496527 / 2496528. Fax: 0821-2496525. CITY OFFICES: Visveswaraya Building, III Floor, K.R. CIRCLE, MYSORE-570 001, Ph: 2431774 and No. 114, D. DEVARAJ URS ROAD (Opposite Big Bus), MYSORE-570 001. Ph: 2428695. RNI Reg. No. 36581 / 1980 E-mail address: news@mysurumithra.com. For advertisements: ad@mysurumithra.com
